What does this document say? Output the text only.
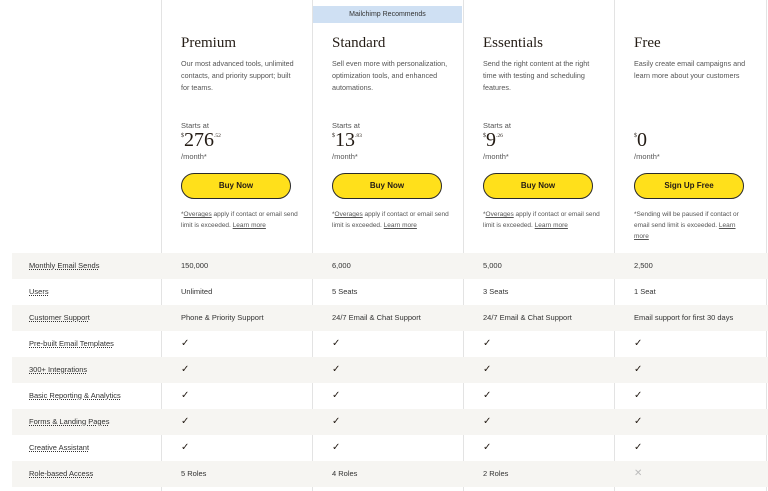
Mailchimp Recommends
Premium
Our most advanced tools, unlimited contacts, and priority support; built for teams.
Starts at
$^{\$}276^{.52}$
/month*
Buy Now
*Overages apply if contact or email send limit is exceeded. Learn more
Standard
Sell even more with personalization, optimization tools, and enhanced automations.
Starts at
$^{\$}13^{.83}$
/month*
Buy Now
*Overages apply if contact or email send limit is exceeded. Learn more
Essentials
Send the right content at the right time with testing and scheduling features.
Starts at
$^{\$}9^{.26}$
/month*
Buy Now
*Overages apply if contact or email send limit is exceeded. Learn more
Free
Easily create email campaigns and learn more about your customers
$0
/month*
Sign Up Free
*Sending will be paused if contact or email send limit is exceeded. Learn more
Monthly Email Sends	150,000	6,000	5,000	2,500
Users	Unlimited	5 Seats	3 Seats	1 Seat
Customer Support	Phone & Priority Support	24/7 Email & Chat Support	24/7 Email & Chat Support	Email support for first 30 days
Pre-built Email Templates	✓	✓	✓	✓
300+ Integrations	✓	✓	✓	✓
Basic Reporting & Analytics	✓	✓	✓	✓
Forms & Landing Pages	✓	✓	✓	✓
Creative Assistant	✓	✓	✓	✓
Role-based Access	5 Roles	4 Roles	2 Roles	✕
